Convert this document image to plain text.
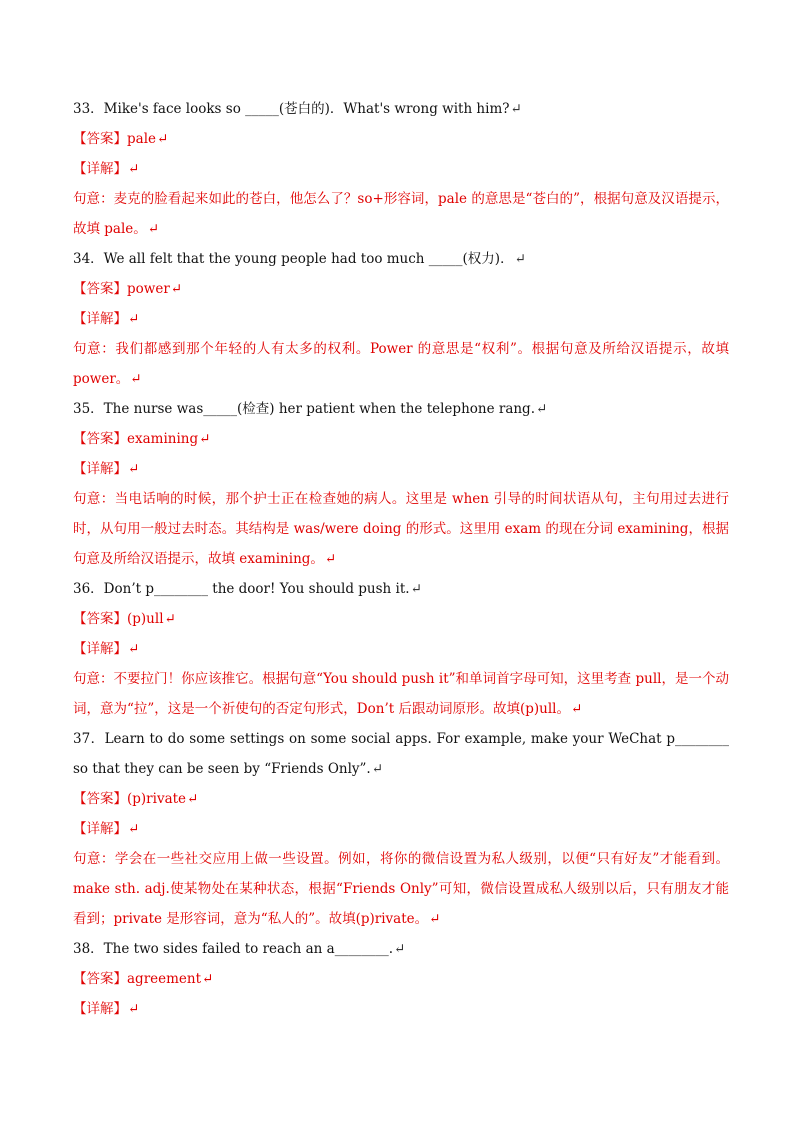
33．Mike's face looks so _____(苍白的)．What's wrong with him?↵
【答案】pale↵
【详解】↵
句意：麦克的脸看起来如此的苍白，他怎么了？so+形容词，pale 的意思是“苍白的”，根据句意及汉语提示，故填 pale。↵
34．We all felt that the young people had too much _____(权力)．↵
【答案】power↵
【详解】↵
句意：我们都感到那个年轻的人有太多的权利。Power 的意思是“权利”。根据句意及所给汉语提示，故填 power。↵
35．The nurse was_____(检查) her patient when the telephone rang.↵
【答案】examining↵
【详解】↵
句意：当电话响的时候，那个护士正在检查她的病人。这里是 when 引导的时间状语从句，主句用过去进行时，从句用一般过去时态。其结构是 was/were doing 的形式。这里用 exam 的现在分词 examining，根据句意及所给汉语提示，故填 examining。↵
36．Don’t p________ the door! You should push it.↵
【答案】(p)ull↵
【详解】↵
句意：不要拉门！你应该推它。根据句意“You should push it”和单词首字母可知，这里考查 pull，是一个动词，意为“拉”，这是一个祈使句的否定句形式，Don’t 后跟动词原形。故填(p)ull。↵
37．Learn to do some settings on some social apps. For example, make your WeChat p________ so that they can be seen by “Friends Only”.↵
【答案】(p)rivate↵
【详解】↵
句意：学会在一些社交应用上做一些设置。例如，将你的微信设置为私人级别，以便“只有好友”才能看到。make sth. adj.使某物处在某种状态，根据“Friends Only”可知，微信设置成私人级别以后，只有朋友才能看到；private 是形容词，意为“私人的”。故填(p)rivate。↵
38．The two sides failed to reach an a________.↵
【答案】agreement↵
【详解】↵
